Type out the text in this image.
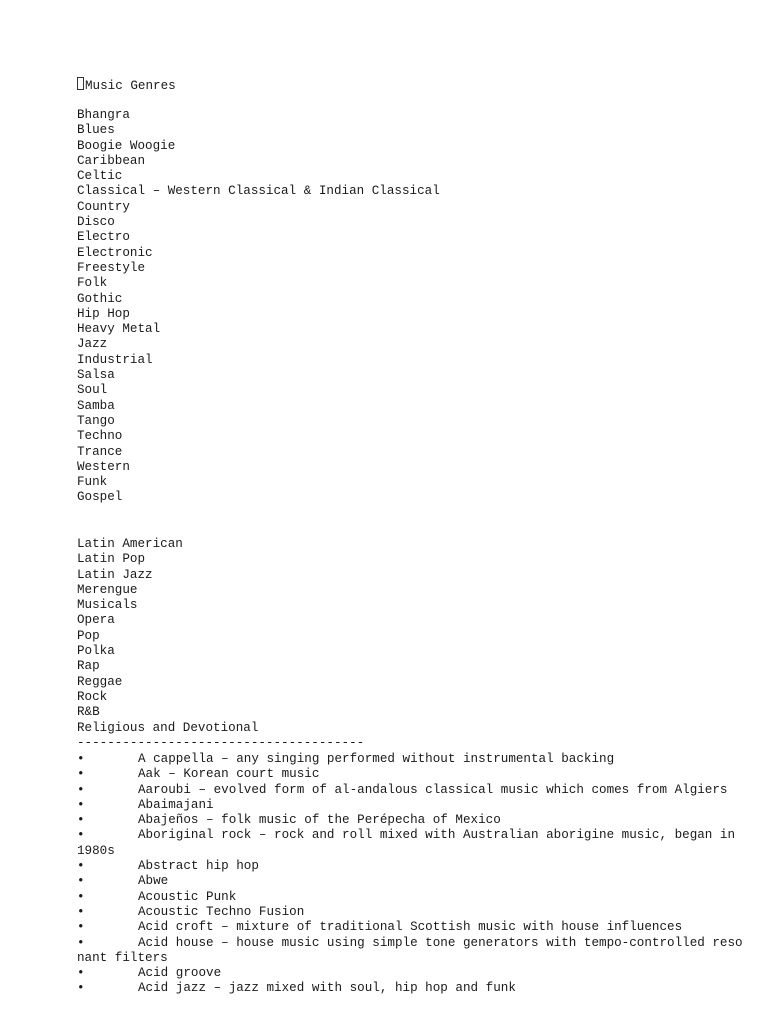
Music Genres
Bhangra
Blues
Boogie Woogie
Caribbean
Celtic
Classical – Western Classical & Indian Classical
Country
Disco
Electro
Electronic
Freestyle
Folk
Gothic
Hip Hop
Heavy Metal
Jazz
Industrial
Salsa
Soul
Samba
Tango
Techno
Trance
Western
Funk
Gospel
Latin American
Latin Pop
Latin Jazz
Merengue
Musicals
Opera
Pop
Polka
Rap
Reggae
Rock
R&B
Religious and Devotional
--------------------------------------
•	A cappella – any singing performed without instrumental backing
•	Aak – Korean court music
•	Aaroubi – evolved form of al-andalous classical music which comes from Algiers
•	Abaimajani
•	Abajeños – folk music of the Perépecha of Mexico
•	Aboriginal rock – rock and roll mixed with Australian aborigine music, began in
1980s
•	Abstract hip hop
•	Abwe
•	Acoustic Punk
•	Acoustic Techno Fusion
•	Acid croft – mixture of traditional Scottish music with house influences
•	Acid house – house music using simple tone generators with tempo-controlled reso
nant filters
•	Acid groove
•	Acid jazz – jazz mixed with soul, hip hop and funk
